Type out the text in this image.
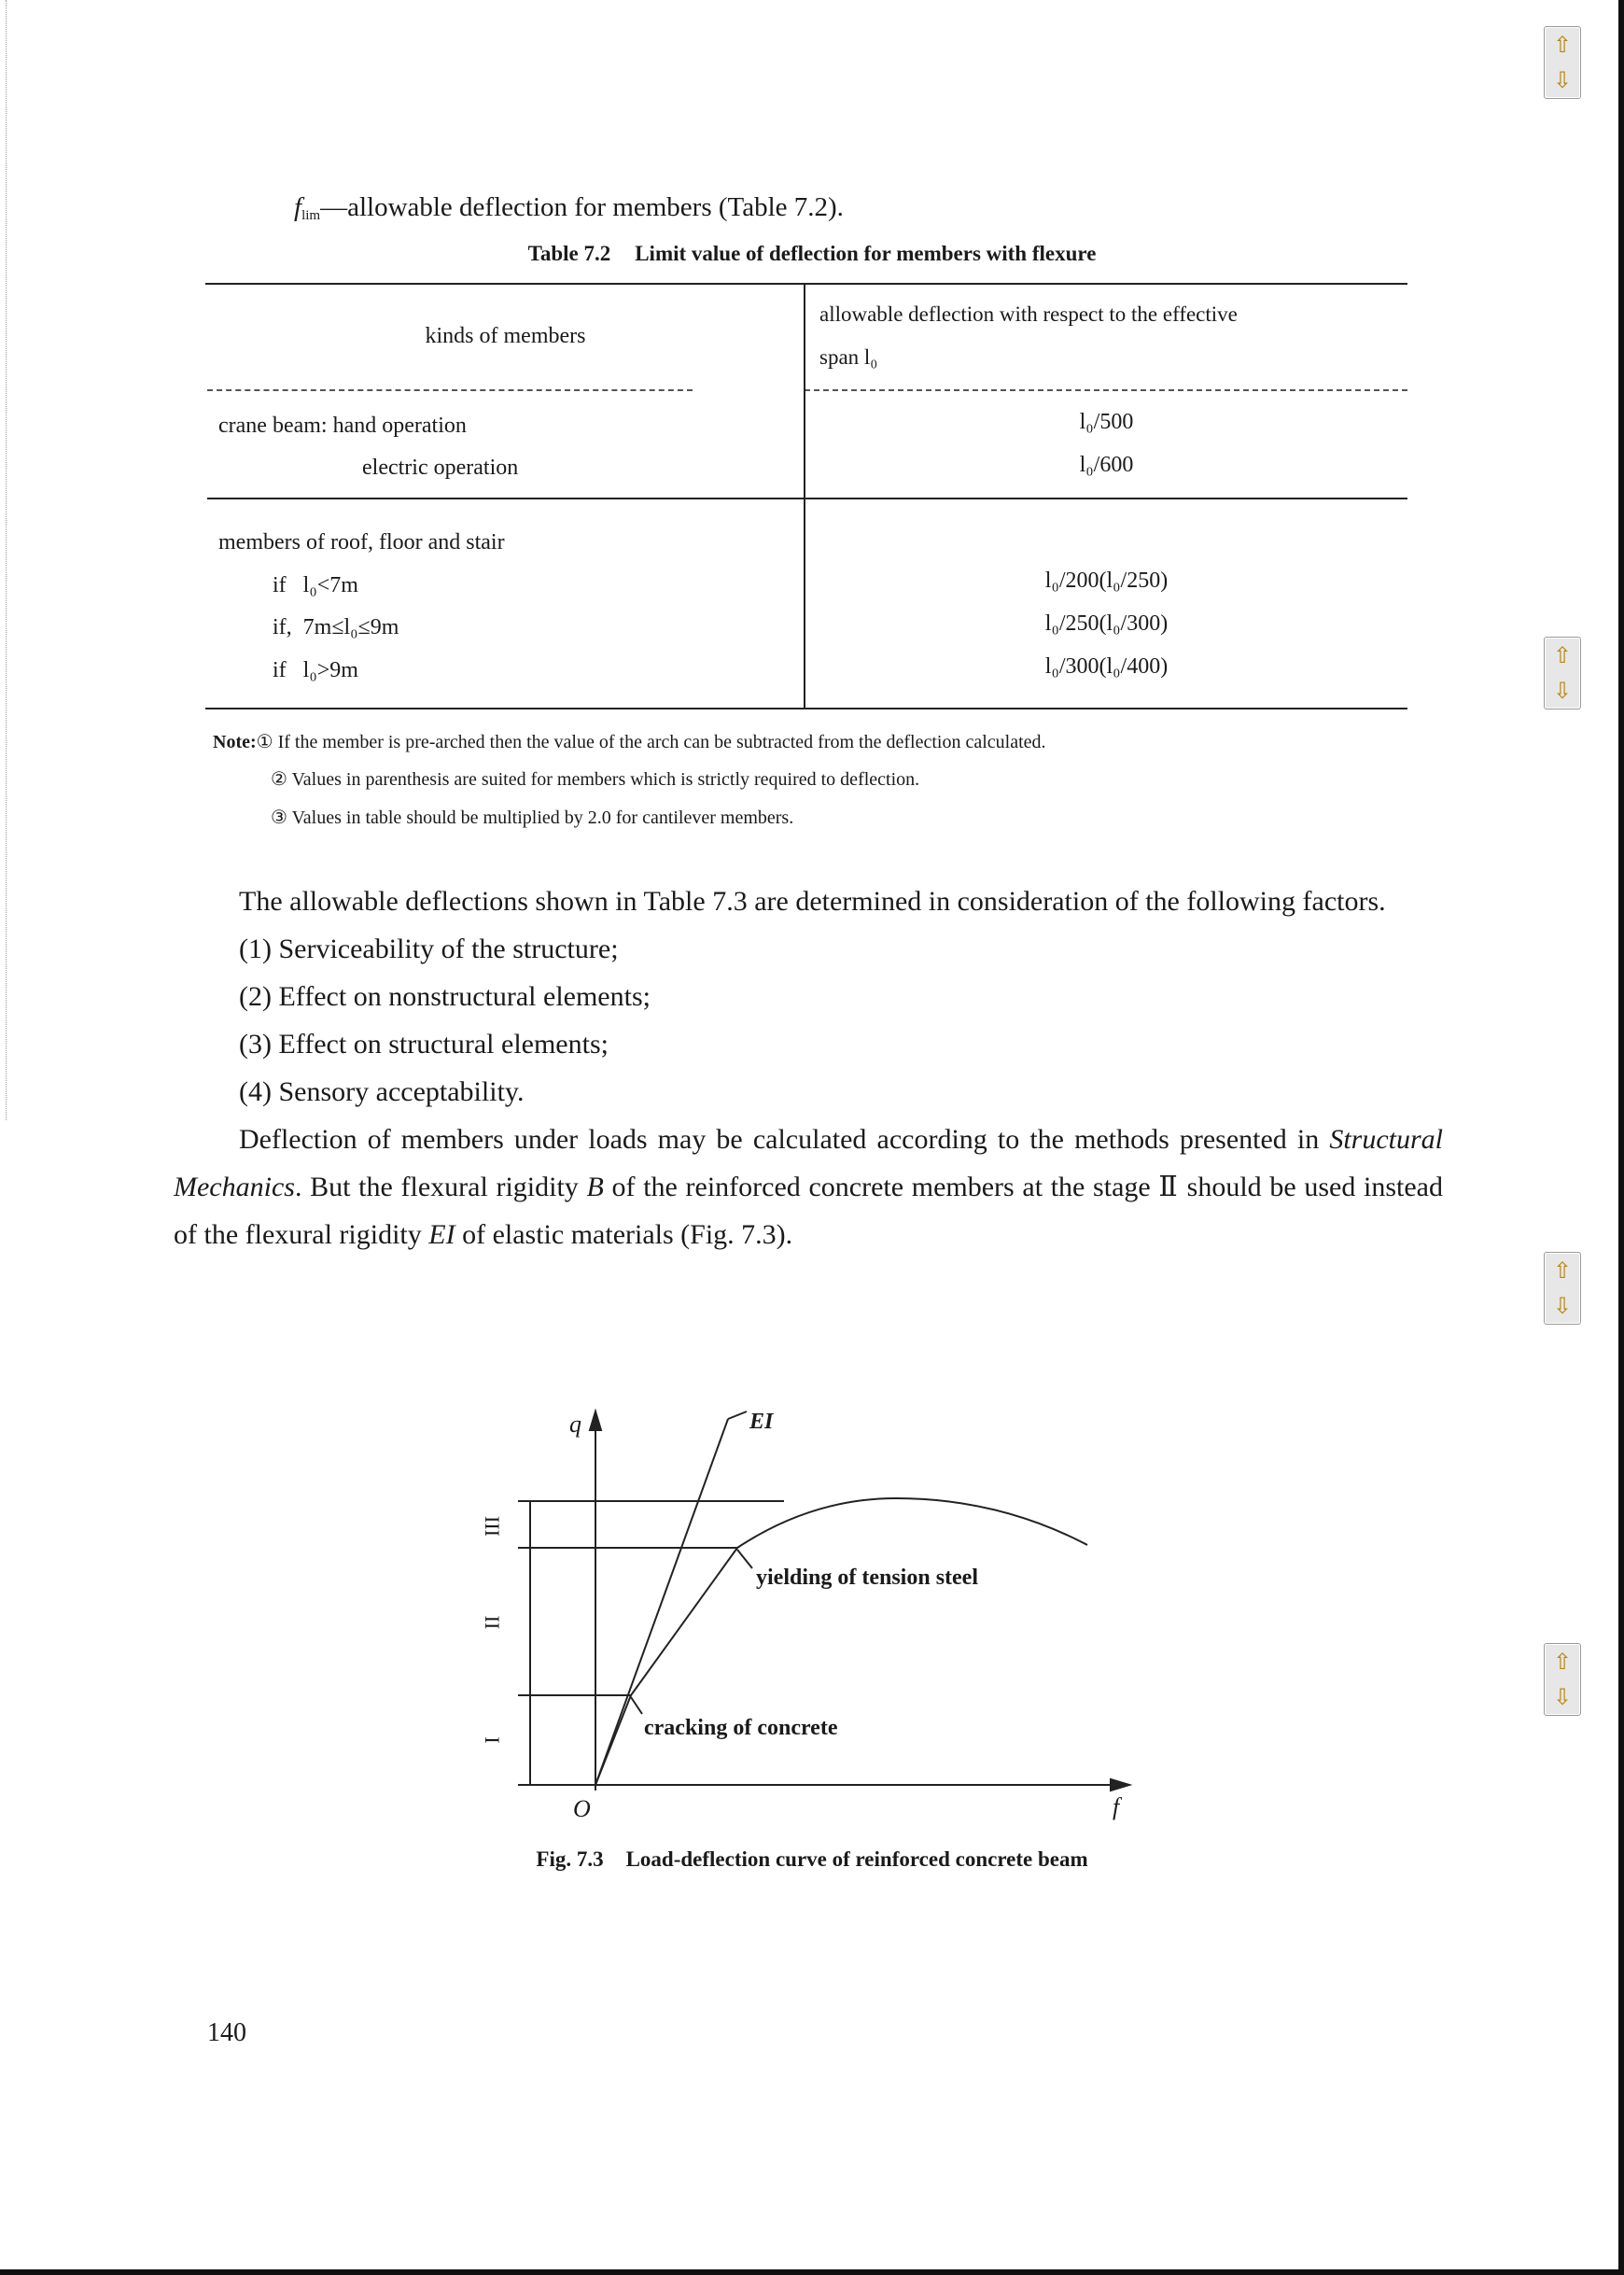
$f_{lim}—allowable$ deflection for members (Table 7.2).
Table 7.2 Limit value of deflection for members with flexure
kinds of members
allowable deflection with respect to the effective
span l₀
crane beam: hand operation
electric operation
l₀/500
l₀/600
members of roof, floor and stair
if   l₀<7m
if,  7m≤l₀≤9m
if   l₀>9m
l₀/200(l₀/250)
l₀/250(l₀/300)
l₀/300(l₀/400)
Note:① If the member is pre-arched then the value of the arch can be subtracted from the deflection calculated.
② Values in parenthesis are suited for members which is strictly required to deflection.
③ Values in table should be multiplied by 2.0 for cantilever members.

The allowable deflections shown in Table 7.3 are determined in consideration of the following factors.

(1) Serviceability of the structure;

(2) Effect on nonstructural elements;

(3) Effect on structural elements;

(4) Sensory acceptability.

Deflection of members under loads may be calculated according to the methods presented in Structural Mechanics. But the flexural rigidity B of the reinforced concrete members at the stage Ⅱ should be used instead of the flexural rigidity EI of elastic materials (Fig. 7.3).

q
f
O
EI
yielding of tension steel
cracking of concrete
III
II
I
Fig. 7.3 Load-deflection curve of reinforced concrete beam
140
⇧
⇩
⇧
⇩
⇧
⇩
⇧
⇩
